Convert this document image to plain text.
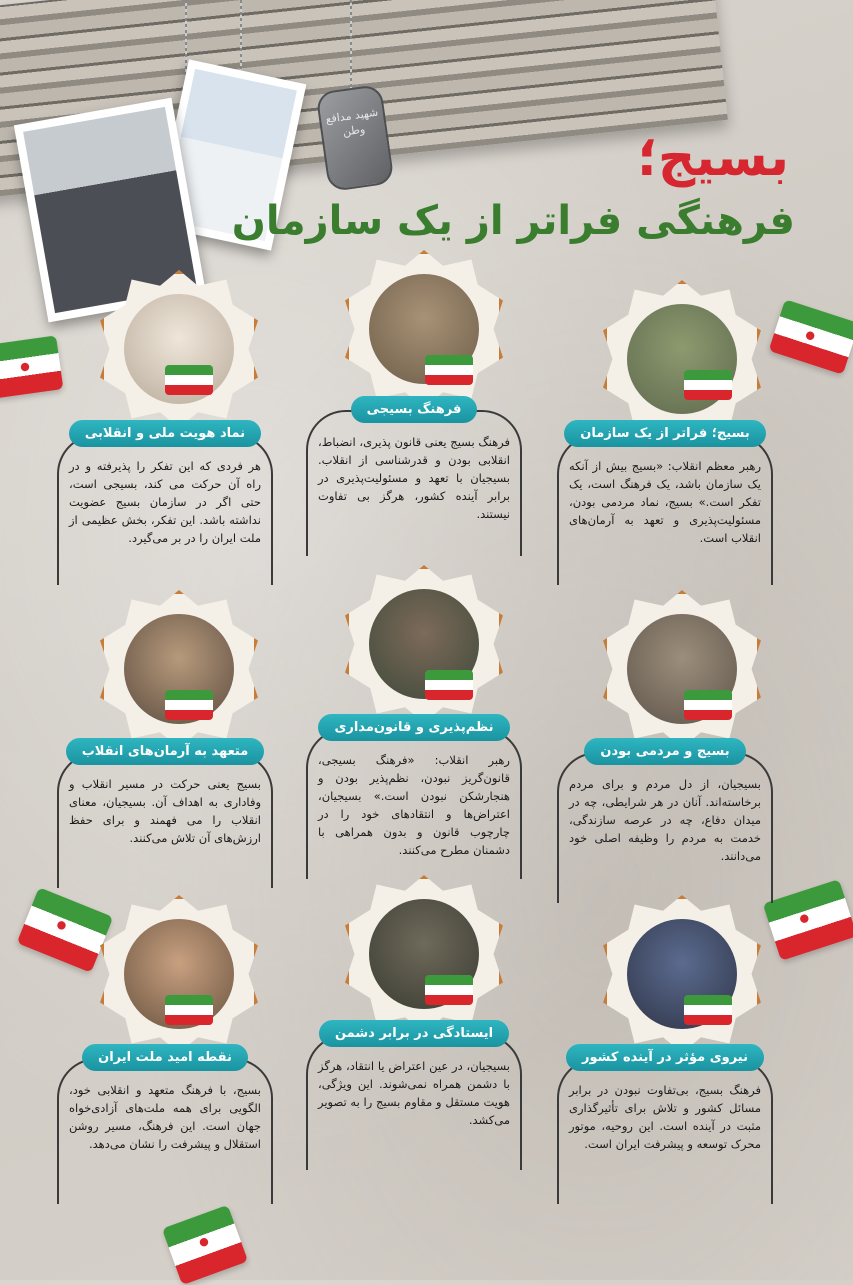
شهید مدافع وطن	بسیج؛
فرهنگی فراتر از یک سازمان
بسیج؛ فراتر از یک سازمان

رهبر معظم انقلاب: «بسیج بیش از آنکه یک سازمان باشد، یک فرهنگ است، یک تفکر است.» بسیج، نماد مردمی بودن، مسئولیت‌پذیری و تعهد به آرمان‌های انقلاب است.

فرهنگ بسیجی

فرهنگ بسیج یعنی قانون پذیری، انضباط، انقلابی بودن و قدرشناسی از انقلاب. بسیجیان با تعهد و مسئولیت‌پذیری در برابر آینده کشور، هرگز بی تفاوت نیستند.

نماد هویت ملی و انقلابی

هر فردی که این تفکر را پذیرفته و در راه آن حرکت می کند، بسیجی است، حتی اگر در سازمان بسیج عضویت نداشته باشد. این تفکر، بخش عظیمی از ملت ایران را در بر می‌گیرد.

بسیج و مردمی بودن

بسیجیان، از دل مردم و برای مردم برخاسته‌اند. آنان در هر شرایطی، چه در میدان دفاع، چه در عرصه سازندگی، خدمت به مردم را وظیفه اصلی خود می‌دانند.

نظم‌پذیری و قانون‌مداری

رهبر انقلاب: «فرهنگ بسیجی، قانون‌گریز نبودن، نظم‌پذیر بودن و هنجارشکن نبودن است.» بسیجیان، اعتراض‌ها و انتقادهای خود را در چارچوب قانون و بدون همراهی با دشمنان مطرح می‌کنند.

متعهد به آرمان‌های انقلاب

بسیج یعنی حرکت در مسیر انقلاب و وفاداری به اهداف آن. بسیجیان، معنای انقلاب را می فهمند و برای حفظ ارزش‌های آن تلاش می‌کنند.

نیروی مؤثر در آینده کشور

فرهنگ بسیج، بی‌تفاوت نبودن در برابر مسائل کشور و تلاش برای تأثیرگذاری مثبت در آینده است. این روحیه، موتور محرک توسعه و پیشرفت ایران است.

ایستادگی در برابر دشمن

بسیجیان، در عین اعتراض یا انتقاد، هرگز با دشمن همراه نمی‌شوند. این ویژگی، هویت مستقل و مقاوم بسیج را به تصویر می‌کشد.

نقطه امید ملت ایران

بسیج، با فرهنگ متعهد و انقلابی خود، الگویی برای همه ملت‌های آزادی‌خواه جهان است. این فرهنگ، مسیر روشن استقلال و پیشرفت را نشان می‌دهد.
